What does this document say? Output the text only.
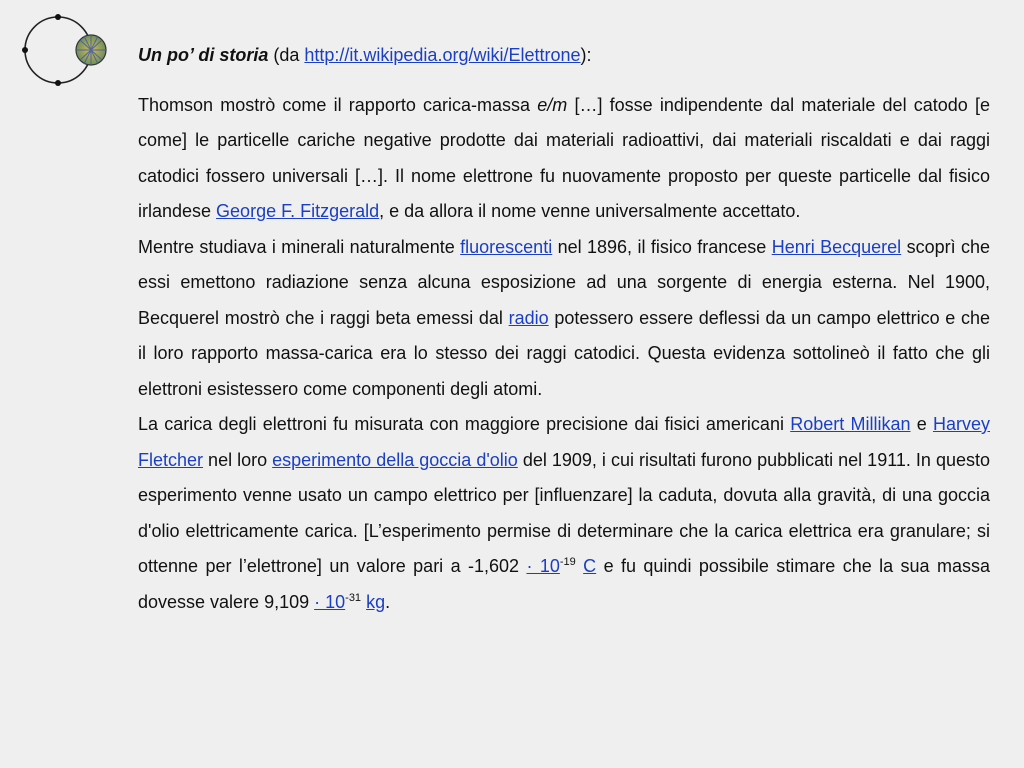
Un po’ di storia (da http://it.wikipedia.org/wiki/Elettrone):

Thomson mostrò come il rapporto carica-massa e/m […] fosse indipendente dal materiale del catodo [e come] le particelle cariche negative prodotte dai materiali radioattivi, dai materiali riscaldati e dai raggi catodici fossero universali […]. Il nome elettrone fu nuovamente proposto per queste particelle dal fisico irlandese George F. Fitzgerald, e da allora il nome venne universalmente accettato.

Mentre studiava i minerali naturalmente fluorescenti nel 1896, il fisico francese Henri Becquerel scoprì che essi emettono radiazione senza alcuna esposizione ad una sorgente di energia esterna. Nel 1900, Becquerel mostrò che i raggi beta emessi dal radio potessero essere deflessi da un campo elettrico e che il loro rapporto massa-carica era lo stesso dei raggi catodici. Questa evidenza sottolineò il fatto che gli elettroni esistessero come componenti degli atomi.

La carica degli elettroni fu misurata con maggiore precisione dai fisici americani Robert Millikan e Harvey Fletcher nel loro esperimento della goccia d'olio del 1909, i cui risultati furono pubblicati nel 1911. In questo esperimento venne usato un campo elettrico per [influenzare] la caduta, dovuta alla gravità, di una goccia d'olio elettricamente carica. [L’esperimento permise di determinare che la carica elettrica era granulare; si ottenne per l’elettrone] un valore pari a $-1,602 \cdot 10^{-19}$ C e fu quindi possibile stimare che la sua massa dovesse valere $9,109 \cdot 10^{-31}$ kg.
